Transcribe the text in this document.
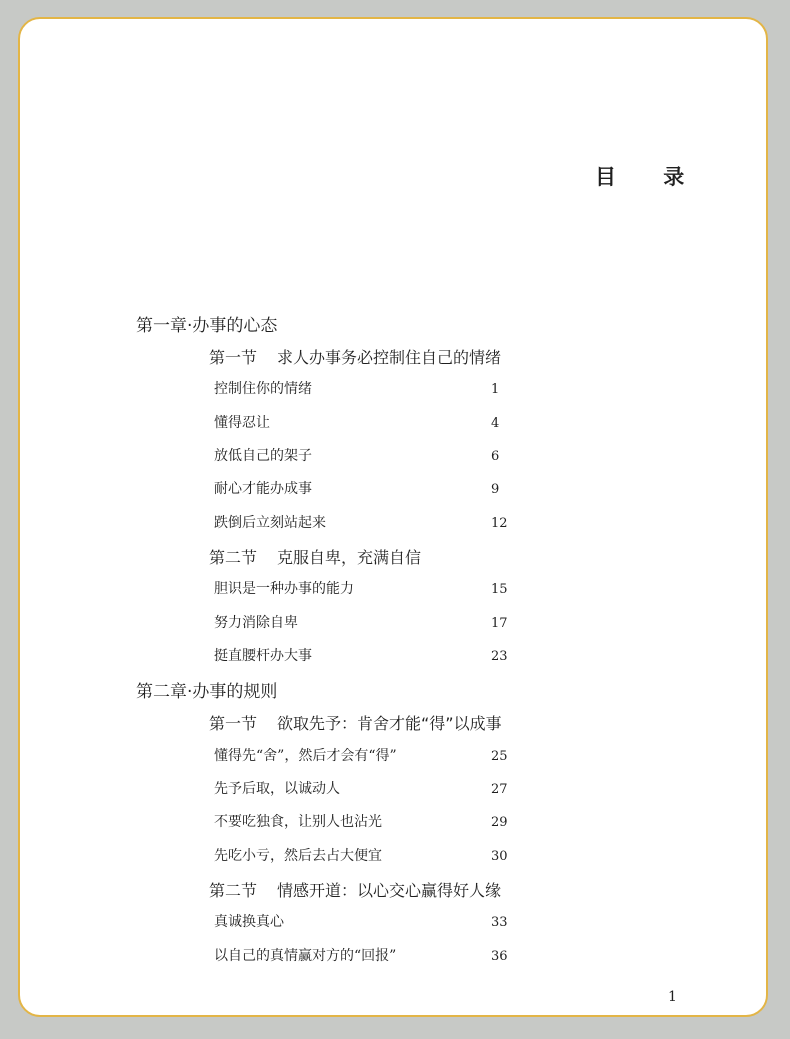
目 录
第一章·办事的心态
第一节 求人办事务必控制住自己的情绪
控制住你的情绪	1
懂得忍让	4
放低自己的架子	6
耐心才能办成事	9
跌倒后立刻站起来	12
第二节 克服自卑，充满自信
胆识是一种办事的能力	15
努力消除自卑	17
挺直腰杆办大事	23
第二章·办事的规则
第一节 欲取先予：肯舍才能“得”以成事
懂得先“舍”，然后才会有“得”	25
先予后取，以诚动人	27
不要吃独食，让别人也沾光	29
先吃小亏，然后去占大便宜	30
第二节 情感开道：以心交心赢得好人缘
真诚换真心	33
以自己的真情赢对方的“回报”	36
1
